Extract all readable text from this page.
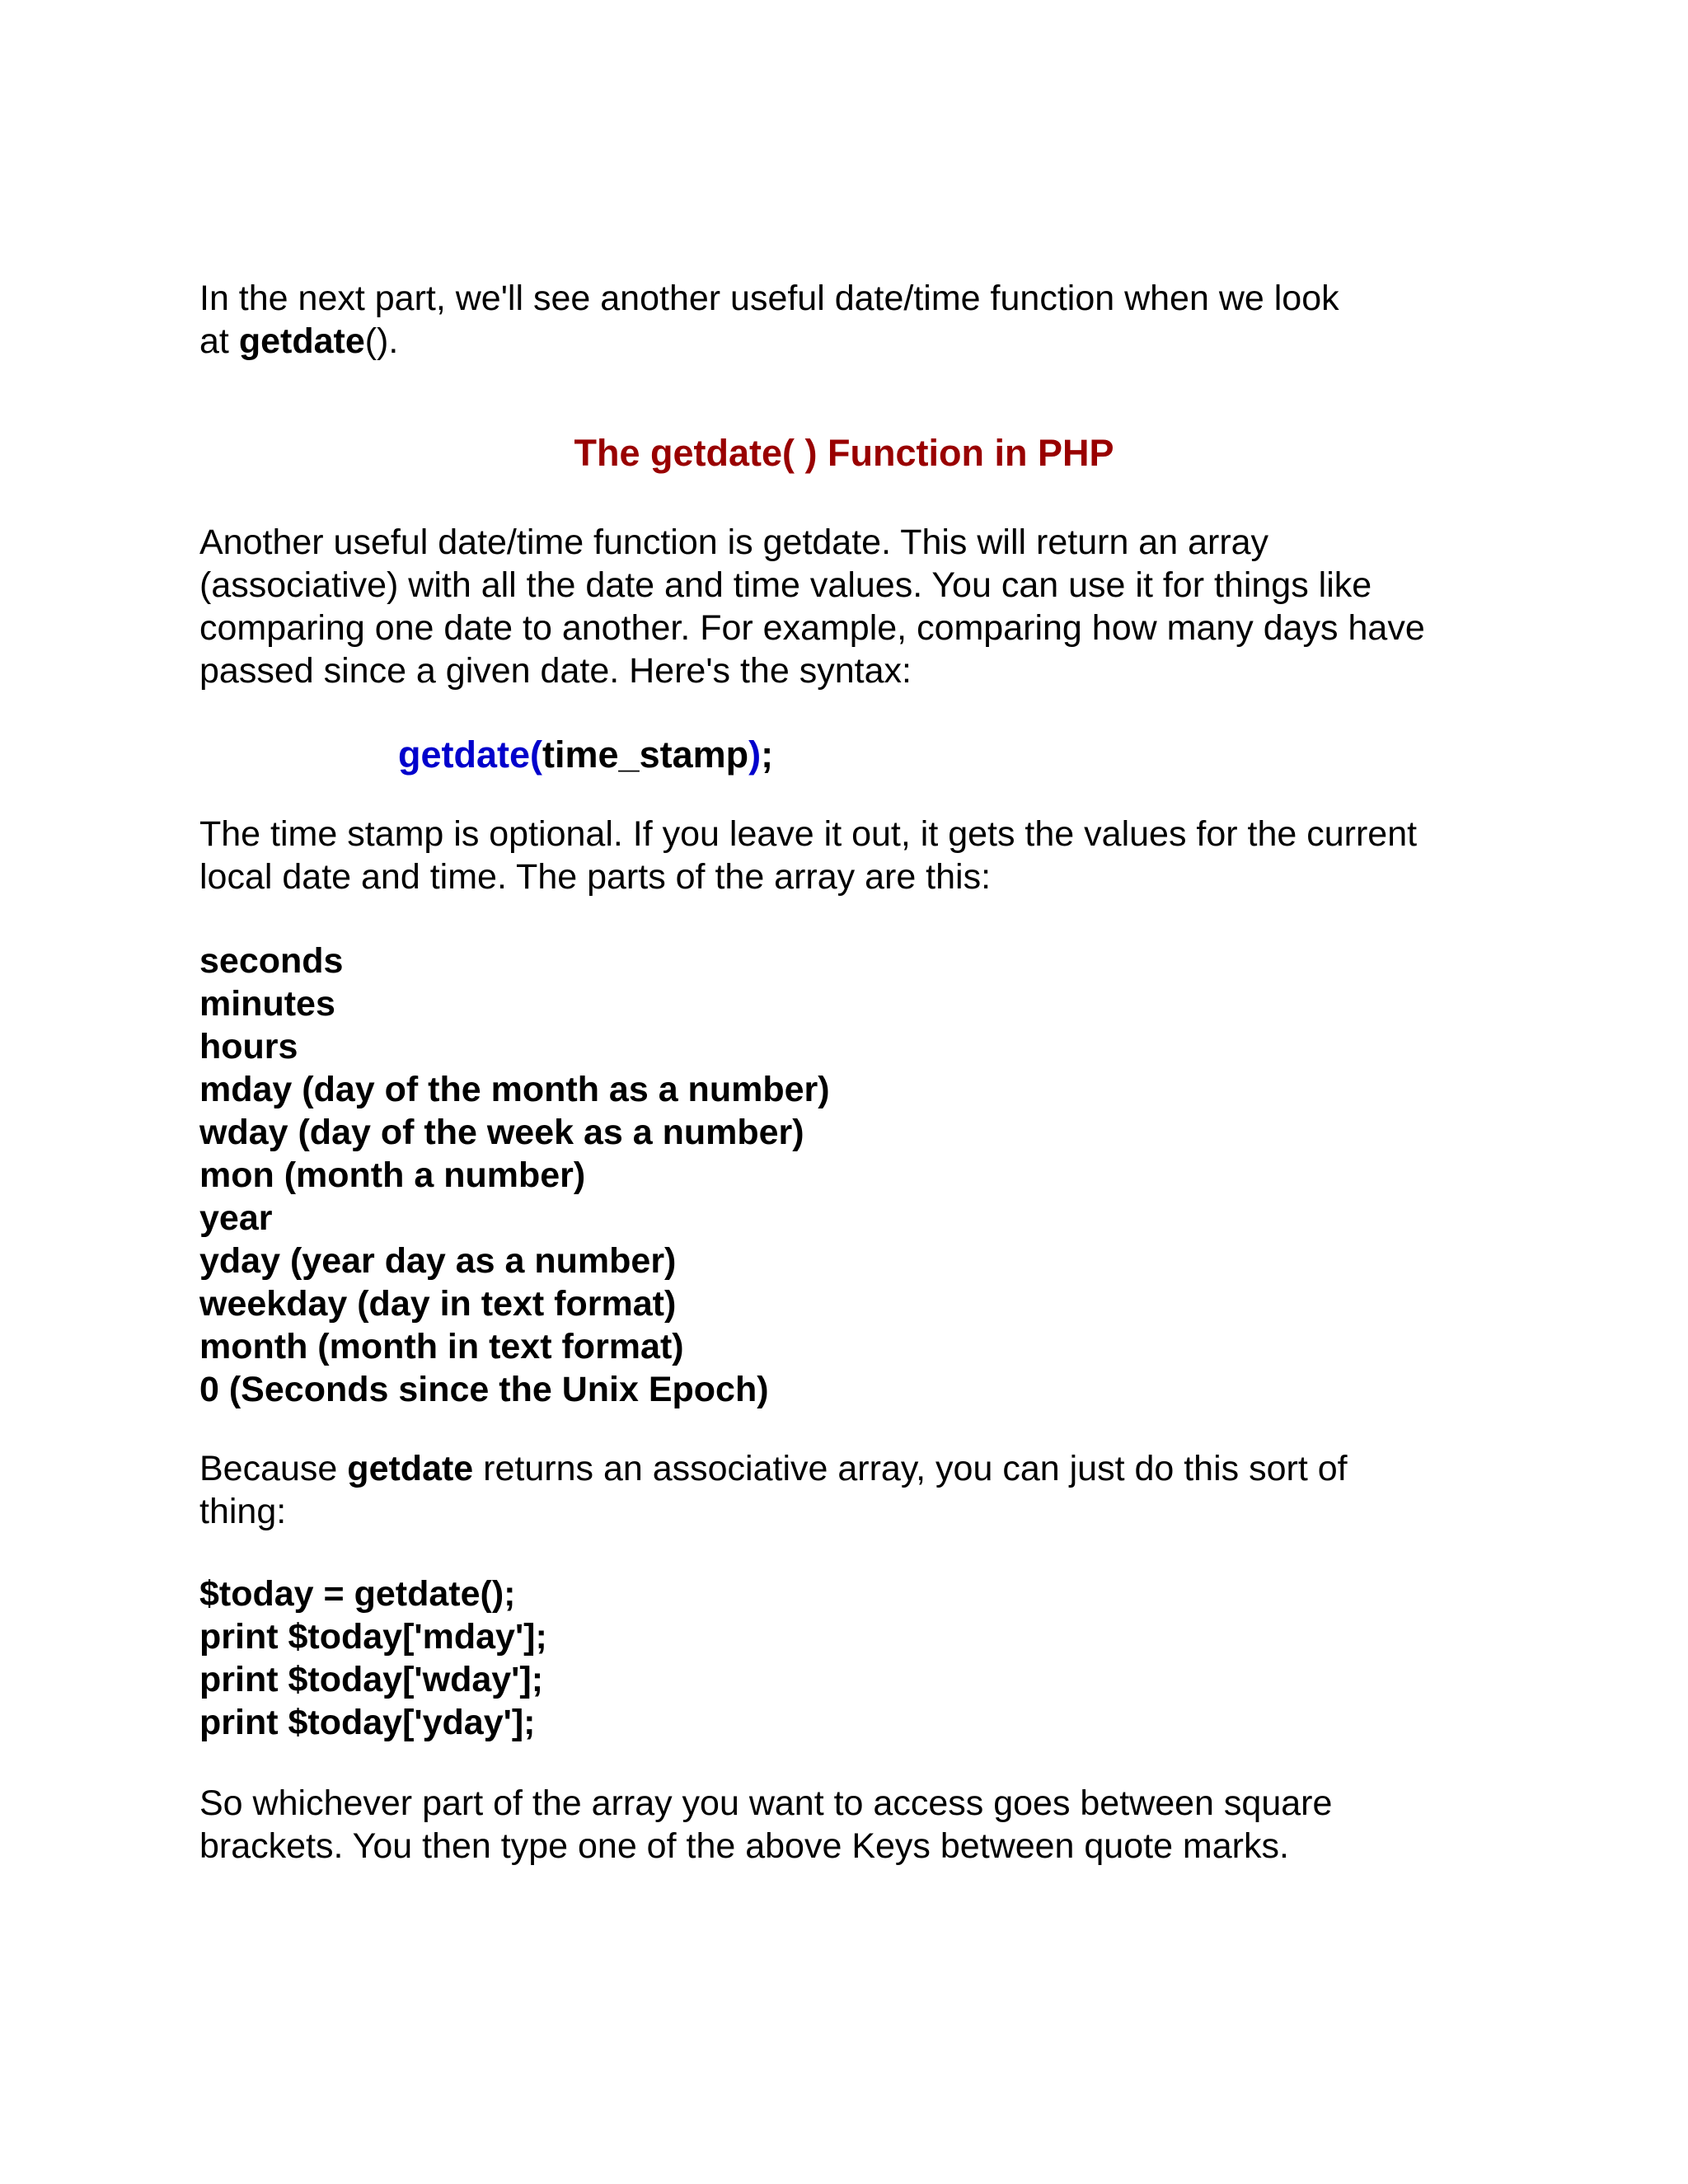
In the next part, we'll see another useful date/time function when we look
at getdate().

The getdate( ) Function in PHP

Another useful date/time function is getdate. This will return an array
(associative) with all the date and time values. You can use it for things like
comparing one date to another. For example, comparing how many days have
passed since a given date. Here's the syntax:

getdate(time_stamp);

The time stamp is optional. If you leave it out, it gets the values for the current
local date and time. The parts of the array are this:

seconds
minutes
hours
mday (day of the month as a number)
wday (day of the week as a number)
mon (month a number)
year
yday (year day as a number)
weekday (day in text format)
month (month in text format)
0 (Seconds since the Unix Epoch)

Because getdate returns an associative array, you can just do this sort of
thing:

$today = getdate();
print $today['mday'];
print $today['wday'];
print $today['yday'];

So whichever part of the array you want to access goes between square
brackets. You then type one of the above Keys between quote marks.
